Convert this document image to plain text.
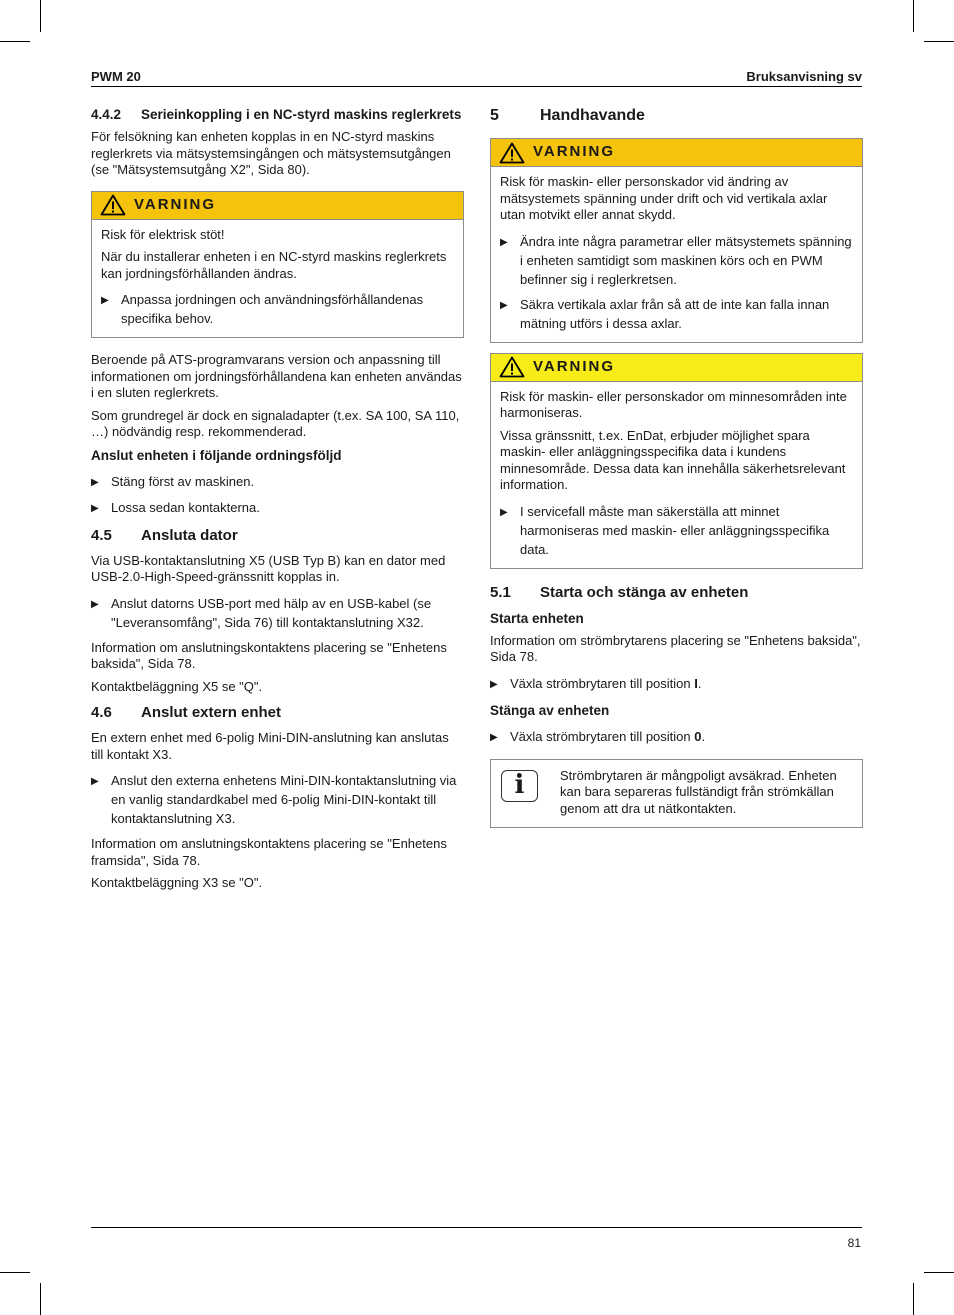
PWM 20	Bruksanvisning sv
4.4.2	Serieinkoppling i en NC-styrd maskins reglerkrets

För felsökning kan enheten kopplas in en NC-styrd maskins reglerkrets via mätsystemsingången och mätsystemsutgången (se "Mätsystemsutgång X2", Sida 80).

VARNING

Risk för elektrisk stöt!

När du installerar enheten i en NC-styrd maskins reglerkrets kan jordningsförhållanden ändras.

▶ Anpassa jordningen och användningsförhållandenas specifika behov.

Beroende på ATS-programvarans version och anpassning till informationen om jordningsförhållandena kan enheten användas i en sluten reglerkrets.

Som grundregel är dock en signaladapter (t.ex. SA 100, SA 110, …) nödvändig resp. rekommenderad.

Anslut enheten i följande ordningsföljd
▶ Stäng först av maskinen.
▶ Lossa sedan kontakterna.
4.5	Ansluta dator

Via USB-kontaktanslutning X5 (USB Typ B) kan en dator med USB-2.0-High-Speed-gränssnitt kopplas in.

▶ Anslut datorns USB-port med hälp av en USB-kabel (se "Leveransomfång", Sida 76) till kontaktanslutning X32.

Information om anslutningskontaktens placering se "Enhetens baksida", Sida 78.

Kontaktbeläggning X5 se "Q".

4.6	Anslut extern enhet

En extern enhet med 6-polig Mini-DIN-anslutning kan anslutas till kontakt X3.

▶ Anslut den externa enhetens Mini-DIN-kontaktanslutning via en vanlig standardkabel med 6-polig Mini-DIN-kontakt till kontaktanslutning X3.

Information om anslutningskontaktens placering se "Enhetens framsida", Sida 78.

Kontaktbeläggning X3 se "O".

5	Handhavande
VARNING

Risk för maskin- eller personskador vid ändring av mätsystemets spänning under drift och vid vertikala axlar utan motvikt eller annat skydd.

▶ Ändra inte några parametrar eller mätsystemets spänning i enheten samtidigt som maskinen körs och en PWM befinner sig i reglerkretsen.
▶ Säkra vertikala axlar från så att de inte kan falla innan mätning utförs i dessa axlar.
VARNING

Risk för maskin- eller personskador om minnesområden inte harmoniseras.

Vissa gränssnitt, t.ex. EnDat, erbjuder möjlighet spara maskin- eller anläggningsspecifika data i kundens minnesområde. Dessa data kan innehålla säkerhetsrelevant information.

▶ I servicefall måste man säkerställa att minnet harmoniseras med maskin- eller anläggningsspecifika data.
5.1	Starta och stänga av enheten
Starta enheten

Information om strömbrytarens placering se "Enhetens baksida", Sida 78.

▶ Växla strömbrytaren till position I.
Stänga av enheten
▶ Växla strömbrytaren till position 0.
i	Strömbrytaren är mångpoligt avsäkrad. Enheten kan bara separeras fullständigt från strömkällan genom att dra ut nätkontakten.

81
